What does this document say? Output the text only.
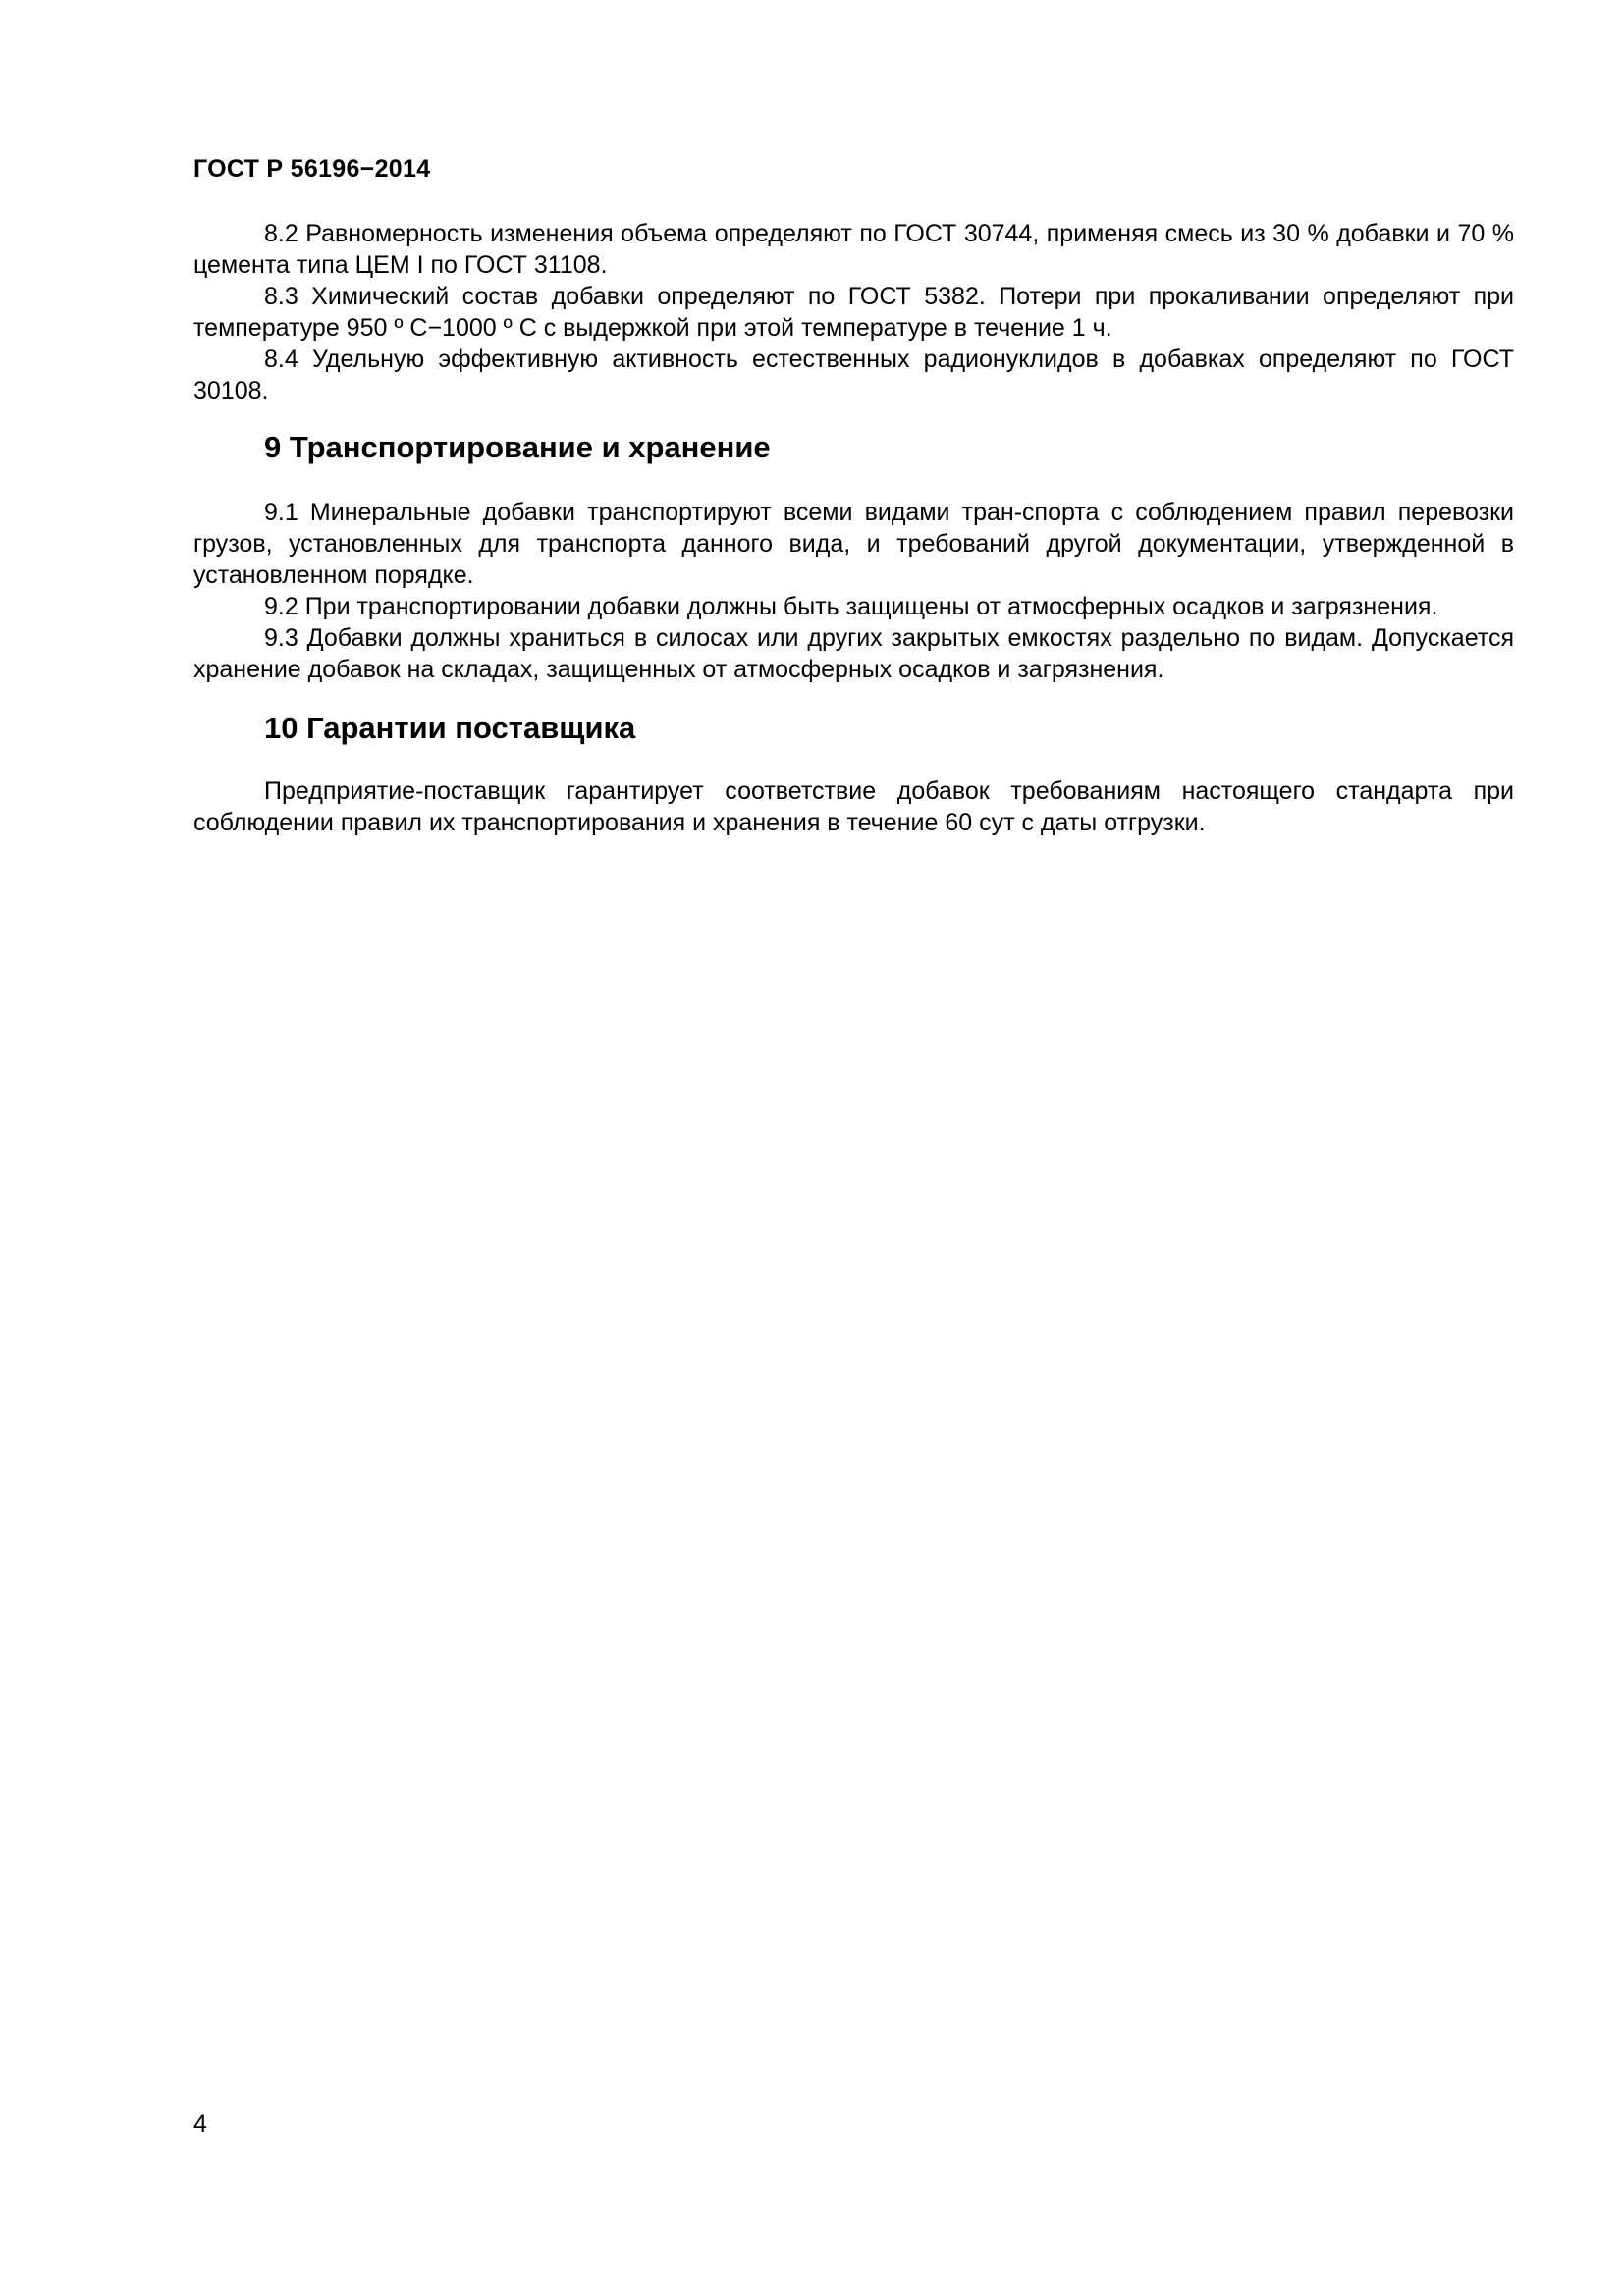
ГОСТ Р 56196−2014

8.2 Равномерность изменения объема определяют по ГОСТ 30744, применяя смесь из 30 % добавки и 70 % цемента типа ЦЕМ I по ГОСТ 31108.

8.3 Химический состав добавки определяют по ГОСТ 5382. Потери при прокаливании определяют при температуре 950 º С−1000 º С с выдержкой при этой температуре в течение 1 ч.

8.4 Удельную эффективную активность естественных радионуклидов в добавках определяют по ГОСТ 30108.

9 Транспортирование и хранение

9.1 Минеральные добавки транспортируют всеми видами тран-спорта с соблюдением правил перевозки грузов, установленных для транспорта данного вида, и требований другой документации, утвержденной в установленном порядке.

9.2 При транспортировании добавки должны быть защищены от атмосферных осадков и загрязнения.

9.3 Добавки должны храниться в силосах или других закрытых емкостях раздельно по видам. Допускается хранение добавок на складах, защищенных от атмосферных осадков и загрязнения.

10 Гарантии поставщика

Предприятие-поставщик гарантирует соответствие добавок требованиям настоящего стандарта при соблюдении правил их транспортирования и хранения в течение 60 сут с даты отгрузки.

4
